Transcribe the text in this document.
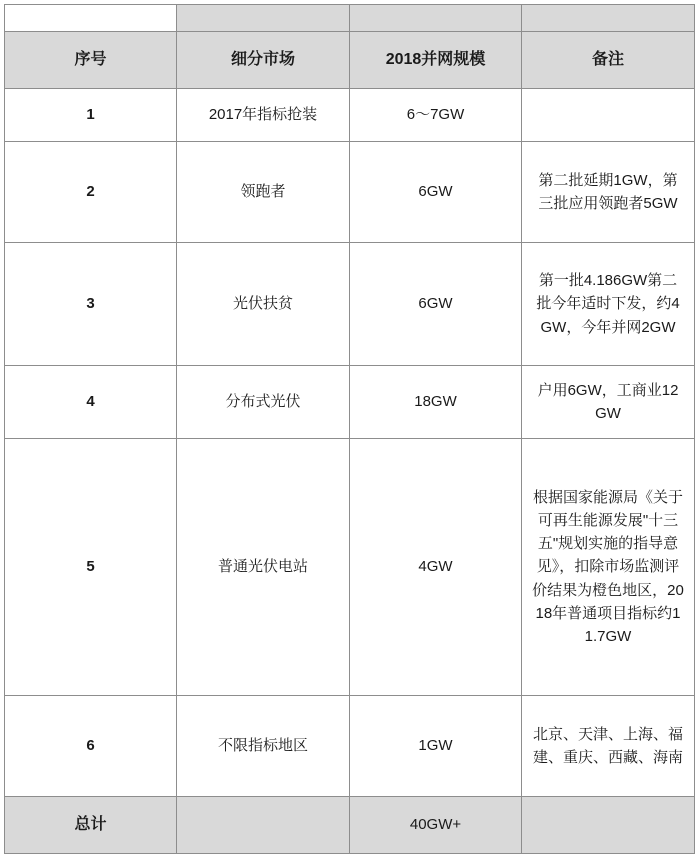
序号	细分市场	2018并网规模	备注
1	2017年指标抢装	6～7GW	
2	领跑者	6GW	第二批延期1GW，第三批应用领跑者5GW
3	光伏扶贫	6GW	第一批4.186GW第二批今年适时下发，约4GW，今年并网2GW
4	分布式光伏	18GW	户用6GW，工商业12GW
5	普通光伏电站	4GW	根据国家能源局《关于可再生能源发展"十三五"规划实施的指导意见》，扣除市场监测评价结果为橙色地区，2018年普通项目指标约11.7GW
6	不限指标地区	1GW	北京、天津、上海、福建、重庆、西藏、海南
总计		40GW+	
